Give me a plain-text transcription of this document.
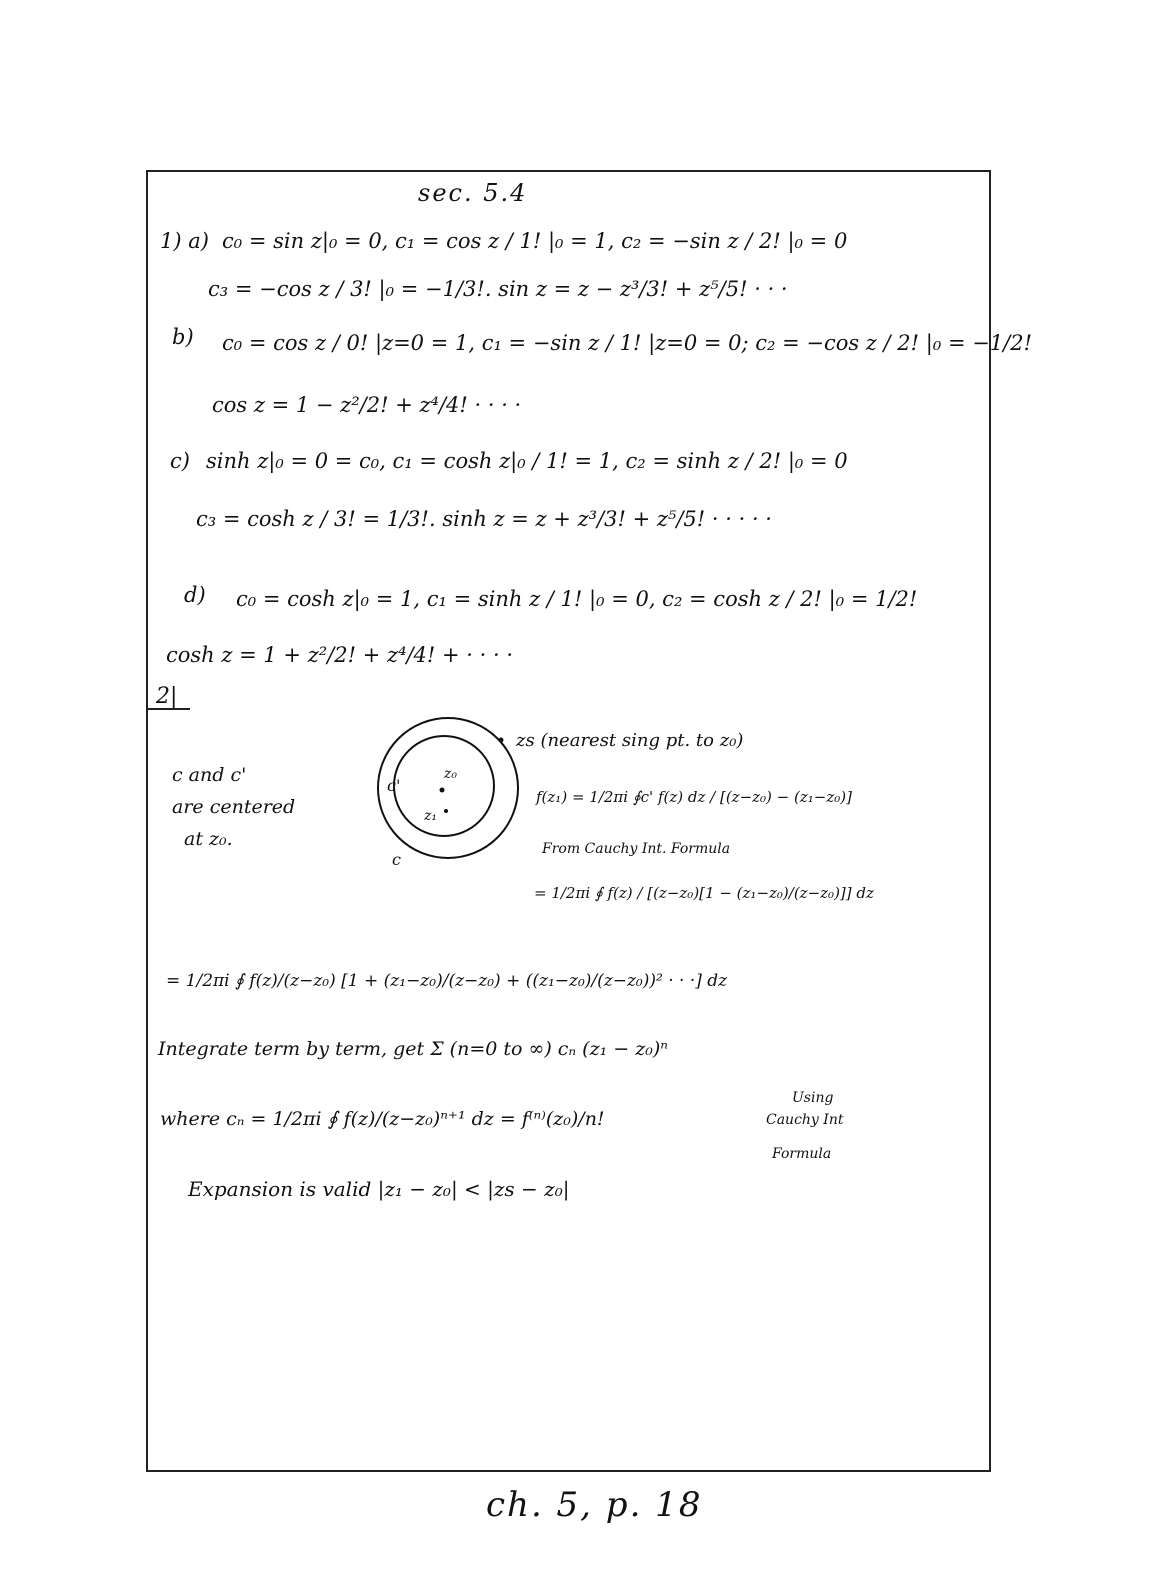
sec. 5.4
1) a) c₀ = sin z|₀ = 0, c₁ = cos z / 1! |₀ = 1, c₂ = −sin z / 2! |₀ = 0
c₃ = −cos z / 3! |₀ = −1/3!. sin z = z − z³/3! + z⁵/5! · · ·
b) c₀ = cos z / 0! |z=0 = 1, c₁ = −sin z / 1! |z=0 = 0; c₂ = −cos z / 2! |₀ = −1/2!
cos z = 1 − z²/2! + z⁴/4! · · · ·
c) sinh z|₀ = 0 = c₀, c₁ = cosh z|₀ / 1! = 1, c₂ = sinh z / 2! |₀ = 0
c₃ = cosh z / 3! = 1/3!. sinh z = z + z³/3! + z⁵/5! · · · · ·
d) c₀ = cosh z|₀ = 1, c₁ = sinh z / 1! |₀ = 0, c₂ = cosh z / 2! |₀ = 1/2!
cosh z = 1 + z²/2! + z⁴/4! + · · · ·
2|
zs (nearest sing pt. to z₀)
c'
z₀
z₁
c
c and c'
are centered
at z₀.
f(z₁) = 1/2πi ∮c' f(z) dz / [(z−z₀) − (z₁−z₀)]
From Cauchy Int. Formula
= 1/2πi ∮ f(z) / [(z−z₀)[1 − (z₁−z₀)/(z−z₀)]] dz
= 1/2πi ∮ f(z)/(z−z₀) [1 + (z₁−z₀)/(z−z₀) + ((z₁−z₀)/(z−z₀))² · · ·] dz
Integrate term by term, get Σ (n=0 to ∞) cₙ (z₁ − z₀)ⁿ
where cₙ = 1/2πi ∮ f(z)/(z−z₀)ⁿ⁺¹ dz = f⁽ⁿ⁾(z₀)/n!
Using
Cauchy Int
Formula
Expansion is valid |z₁ − z₀| < |zs − z₀|
ch. 5, p. 18
